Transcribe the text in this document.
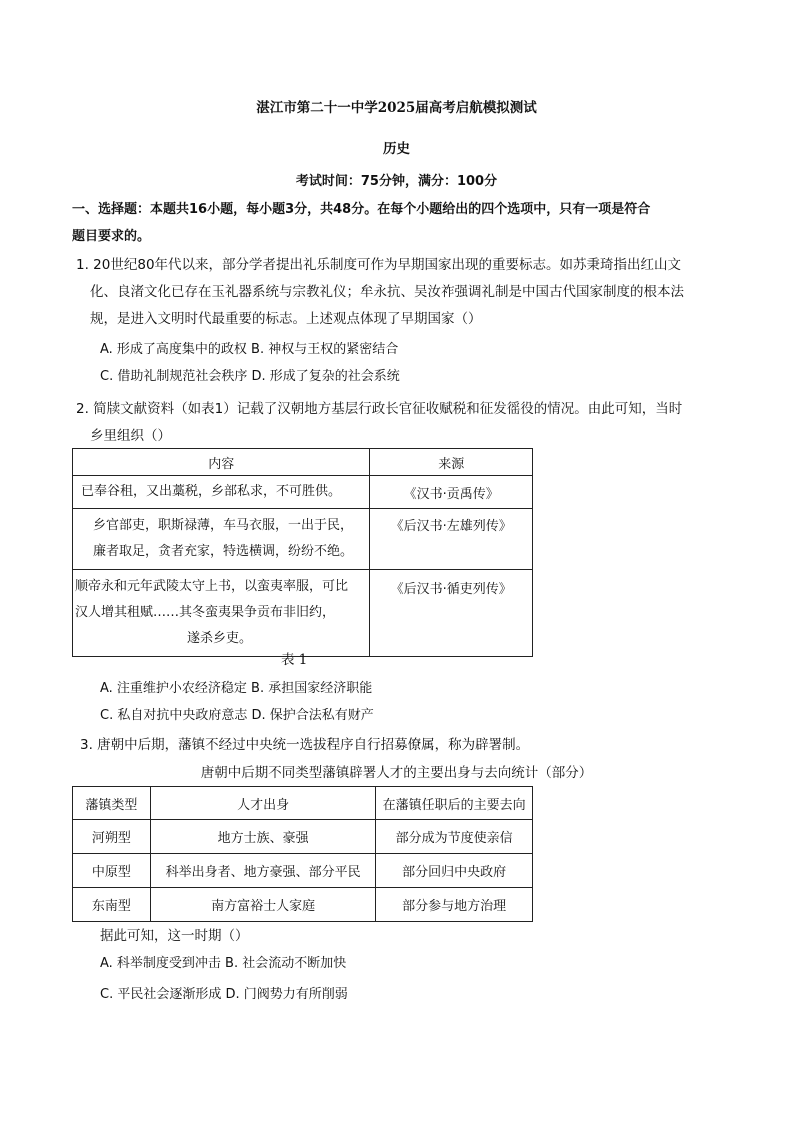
湛江市第二十一中学2025届高考启航模拟测试
历史
考试时间：75分钟，满分：100分
一、选择题：本题共16小题，每小题3分，共48分。在每个小题给出的四个选项中，只有一项是符合
题目要求的。
1. 20世纪80年代以来，部分学者提出礼乐制度可作为早期国家出现的重要标志。如苏秉琦指出红山文
化、良渚文化已存在玉礼器系统与宗教礼仪；牟永抗、吴汝祚强调礼制是中国古代国家制度的根本法
规，是进入文明时代最重要的标志。上述观点体现了早期国家（）
A. 形成了高度集中的政权 B. 神权与王权的紧密结合
C. 借助礼制规范社会秩序 D. 形成了复杂的社会系统
2. 简牍文献资料（如表1）记载了汉朝地方基层行政长官征收赋税和征发徭役的情况。由此可知，当时
乡里组织（）
内容	来源

已奉谷租，又出藁税，乡部私求，不可胜供。	《汉书·贡禹传》

乡官部吏，职斯禄薄，车马衣服，一出于民，
廉者取足，贪者充家，特选横调，纷纷不绝。	《后汉书·左雄列传》

顺帝永和元年武陵太守上书，以蛮夷率服，可比
汉人增其租赋……其冬蛮夷果争贡布非旧约，
遂杀乡吏。	《后汉书·循吏列传》
表 1
A. 注重维护小农经济稳定 B. 承担国家经济职能
C. 私自对抗中央政府意志 D. 保护合法私有财产
3. 唐朝中后期，藩镇不经过中央统一选拔程序自行招募僚属，称为辟署制。
唐朝中后期不同类型藩镇辟署人才的主要出身与去向统计（部分）
藩镇类型	人才出身	在藩镇任职后的主要去向
河朔型	地方士族、豪强	部分成为节度使亲信
中原型	科举出身者、地方豪强、部分平民	部分回归中央政府
东南型	南方富裕士人家庭	部分参与地方治理
据此可知，这一时期（）
A. 科举制度受到冲击 B. 社会流动不断加快
C. 平民社会逐渐形成 D. 门阀势力有所削弱
